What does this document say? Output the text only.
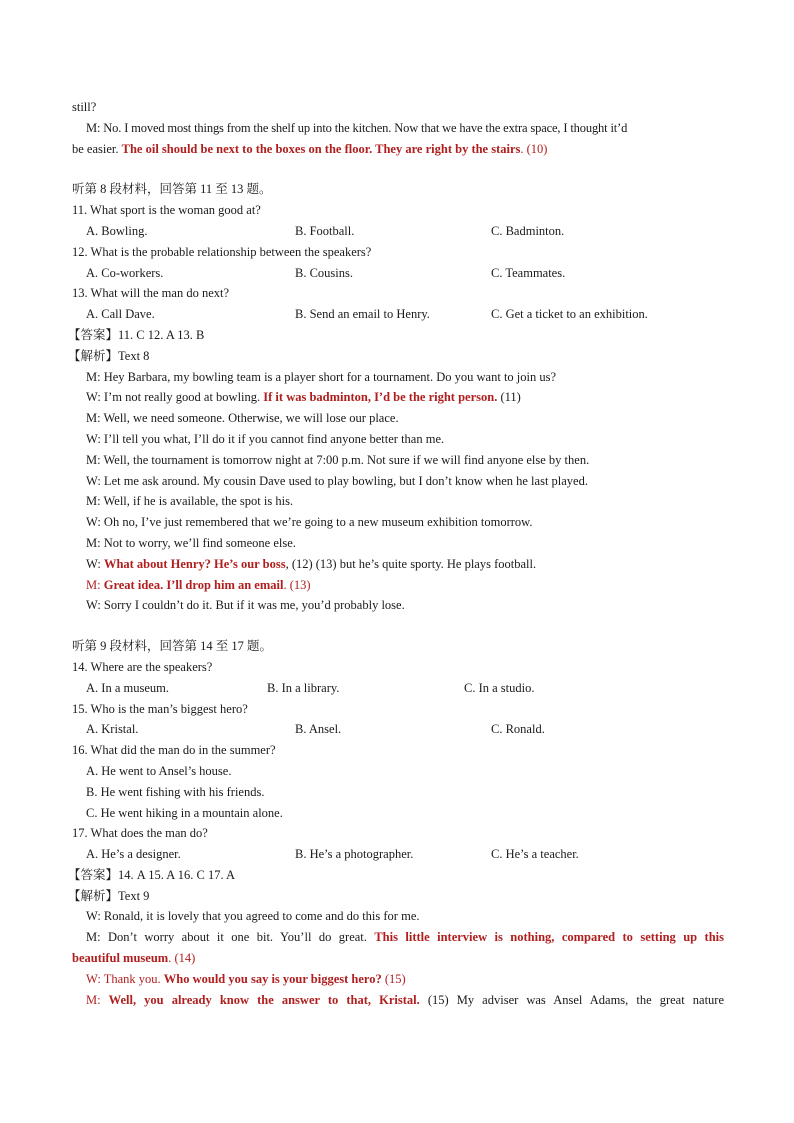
still?
M: No. I moved most things from the shelf up into the kitchen. Now that we have the extra space, I thought it’d
be easier. The oil should be next to the boxes on the floor. They are right by the stairs. (10)
听第 8 段材料，回答第 11 至 13 题。
11. What sport is the woman good at?
A. Bowling.	B. Football.	C. Badminton.
12. What is the probable relationship between the speakers?
A. Co-workers.	B. Cousins.	C. Teammates.
13. What will the man do next?
A. Call Dave.	B. Send an email to Henry.	C. Get a ticket to an exhibition.
【答案】11. C 12. A 13. B
【解析】Text 8
M: Hey Barbara, my bowling team is a player short for a tournament. Do you want to join us?
W: I’m not really good at bowling. If it was badminton, I’d be the right person. (11)
M: Well, we need someone. Otherwise, we will lose our place.
W: I’ll tell you what, I’ll do it if you cannot find anyone better than me.
M: Well, the tournament is tomorrow night at 7:00 p.m. Not sure if we will find anyone else by then.
W: Let me ask around. My cousin Dave used to play bowling, but I don’t know when he last played.
M: Well, if he is available, the spot is his.
W: Oh no, I’ve just remembered that we’re going to a new museum exhibition tomorrow.
M: Not to worry, we’ll find someone else.
W: What about Henry? He’s our boss, (12) (13) but he’s quite sporty. He plays football.
M: Great idea. I’ll drop him an email. (13)
W: Sorry I couldn’t do it. But if it was me, you’d probably lose.
听第 9 段材料，回答第 14 至 17 题。
14. Where are the speakers?
A. In a museum.	B. In a library.	C. In a studio.
15. Who is the man’s biggest hero?
A. Kristal.	B. Ansel.	C. Ronald.
16. What did the man do in the summer?
A. He went to Ansel’s house.
B. He went fishing with his friends.
C. He went hiking in a mountain alone.
17. What does the man do?
A. He’s a designer.	B. He’s a photographer.	C. He’s a teacher.
【答案】14. A 15. A 16. C 17. A
【解析】Text 9
W: Ronald, it is lovely that you agreed to come and do this for me.
M: Don’t worry about it one bit. You’ll do great. This little interview is nothing, compared to setting up this
beautiful museum. (14)
W: Thank you. Who would you say is your biggest hero? (15)
M: Well, you already know the answer to that, Kristal. (15) My adviser was Ansel Adams, the great nature
